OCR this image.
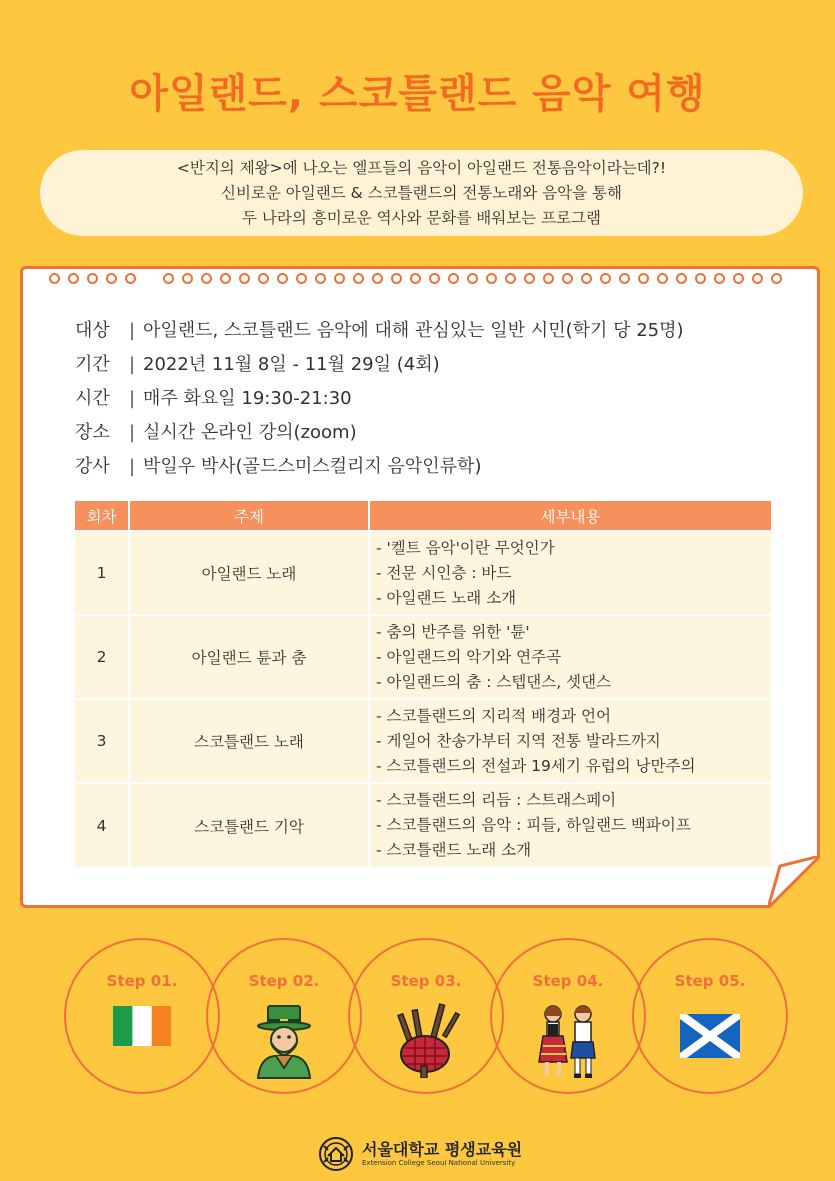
아일랜드, 스코틀랜드 음악 여행
<반지의 제왕>에 나오는 엘프들의 음악이 아일랜드 전통음악이라는데?!
신비로운 아일랜드 & 스코틀랜드의 전통노래와 음악을 통해
두 나라의 흥미로운 역사와 문화를 배워보는 프로그램
대상	| 아일랜드, 스코틀랜드 음악에 대해 관심있는 일반 시민(학기 당 25명)
기간	| 2022년 11월 8일 - 11월 29일 (4회)
시간	| 매주 화요일 19:30-21:30
장소	| 실시간 온라인 강의(zoom)
강사	| 박일우 박사(골드스미스컬리지 음악인류학)
회차	주제	세부내용
1	아일랜드 노래	- '켈트 음악'이란 무엇인가
- 전문 시인층 : 바드
- 아일랜드 노래 소개

2	아일랜드 튠과 춤	- 춤의 반주를 위한 '튠'
- 아일랜드의 악기와 연주곡
- 아일랜드의 춤 : 스텝댄스, 셋댄스

3	스코틀랜드 노래	- 스코틀랜드의 지리적 배경과 언어
- 게일어 찬송가부터 지역 전통 발라드까지
- 스코틀랜드의 전설과 19세기 유럽의 낭만주의

4	스코틀랜드 기악	- 스코틀랜드의 리듬 : 스트래스페이
- 스코틀랜드의 음악 : 피들, 하일랜드 백파이프
- 스코틀랜드 노래 소개
Step 01.	Step 02.	Step 03.	Step 04.	Step 05.
서울대학교 평생교육원
Extension College Seoul National University
